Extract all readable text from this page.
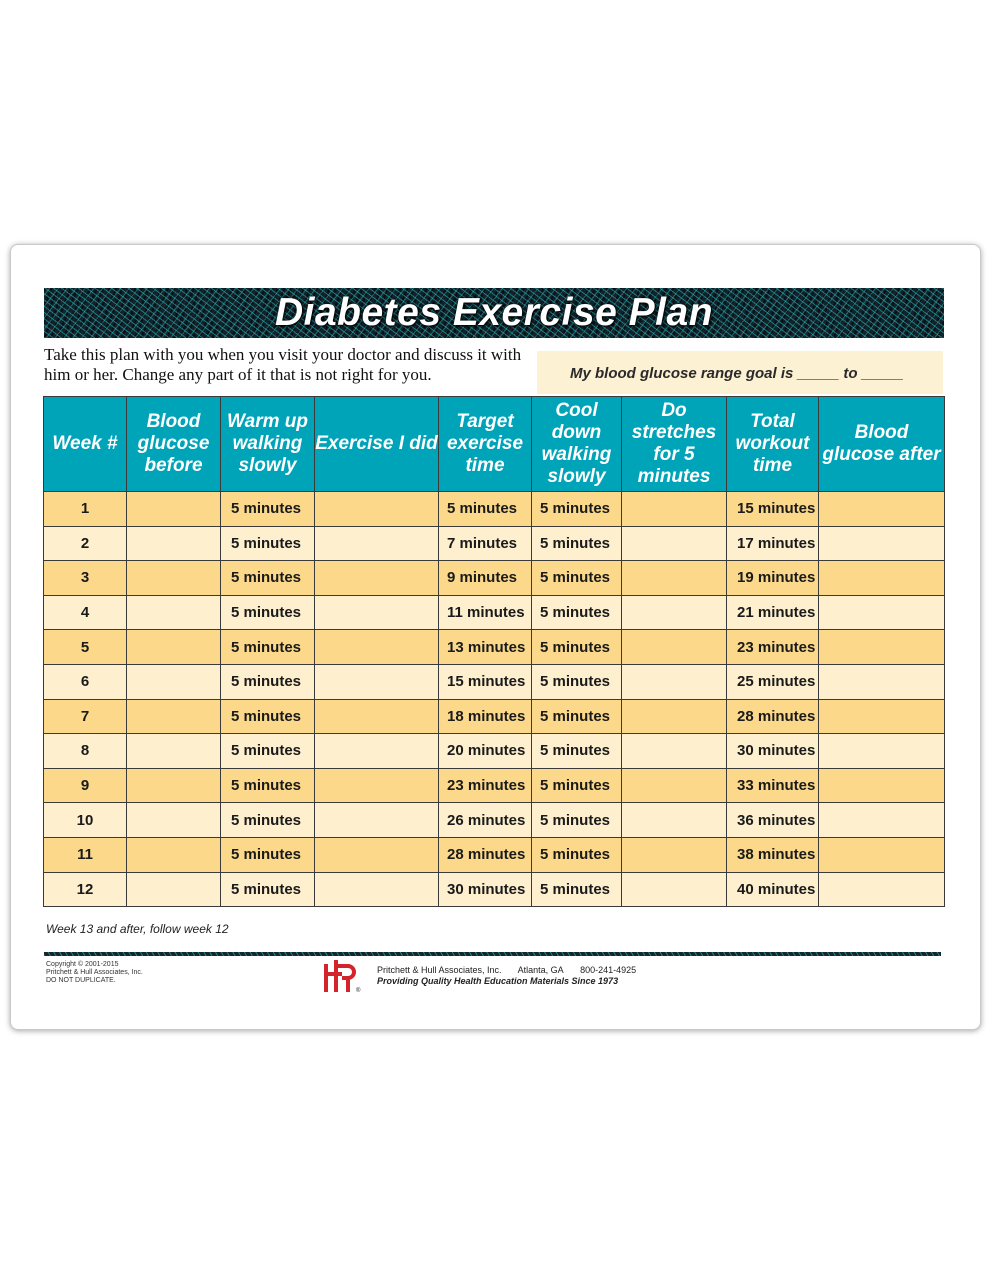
Diabetes Exercise Plan
Take this plan with you when you visit your doctor and discuss it with him or her. Change any part of it that is not right for you.	My blood glucose range goal is _____ to _____
Week #	Blood glucose before	Warm up walking slowly	Exercise I did	Target exercise time	Cool down walking slowly	Do stretches for 5 minutes	Total workout time	Blood glucose after
1		5 minutes		5 minutes	5 minutes		15 minutes	
2		5 minutes		7 minutes	5 minutes		17 minutes	
3		5 minutes		9 minutes	5 minutes		19 minutes	
4		5 minutes		11 minutes	5 minutes		21 minutes	
5		5 minutes		13 minutes	5 minutes		23 minutes	
6		5 minutes		15 minutes	5 minutes		25 minutes	
7		5 minutes		18 minutes	5 minutes		28 minutes	
8		5 minutes		20 minutes	5 minutes		30 minutes	
9		5 minutes		23 minutes	5 minutes		33 minutes	
10		5 minutes		26 minutes	5 minutes		36 minutes	
11		5 minutes		28 minutes	5 minutes		38 minutes	
12		5 minutes		30 minutes	5 minutes		40 minutes	
Week 13 and after, follow week 12
Copyright © 2001-2015
Pritchett & Hull Associates, Inc.
DO NOT DUPLICATE.
®
Pritchett & Hull Associates, Inc. Atlanta, GA 800-241-4925
Providing Quality Health Education Materials Since 1973
